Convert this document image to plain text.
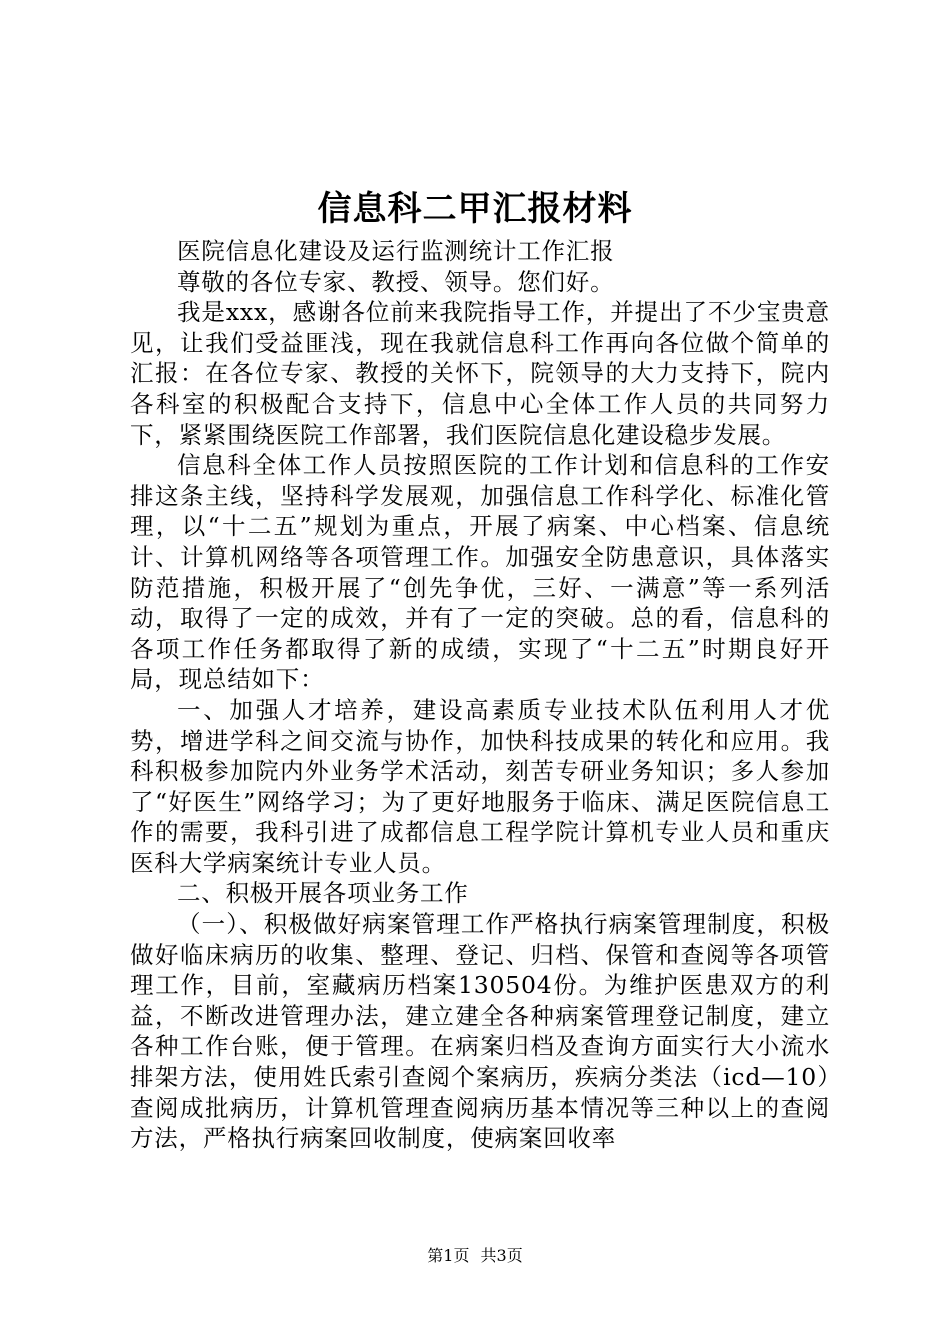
信息科二甲汇报材料

医院信息化建设及运行监测统计工作汇报

尊敬的各位专家、教授、领导。您们好。

我是xxx，感谢各位前来我院指导工作，并提出了不少宝贵意见，让我们受益匪浅，现在我就信息科工作再向各位做个简单的汇报：在各位专家、教授的关怀下，院领导的大力支持下，院内各科室的积极配合支持下，信息中心全体工作人员的共同努力下，紧紧围绕医院工作部署，我们医院信息化建设稳步发展。

信息科全体工作人员按照医院的工作计划和信息科的工作安排这条主线，坚持科学发展观，加强信息工作科学化、标准化管理，以“十二五”规划为重点，开展了病案、中心档案、信息统计、计算机网络等各项管理工作。加强安全防患意识，具体落实防范措施，积极开展了“创先争优，三好、一满意”等一系列活动，取得了一定的成效，并有了一定的突破。总的看，信息科的各项工作任务都取得了新的成绩，实现了“十二五”时期良好开局，现总结如下：

一、加强人才培养，建设高素质专业技术队伍利用人才优势，增进学科之间交流与协作，加快科技成果的转化和应用。我科积极参加院内外业务学术活动，刻苦专研业务知识；多人参加了“好医生”网络学习；为了更好地服务于临床、满足医院信息工作的需要，我科引进了成都信息工程学院计算机专业人员和重庆医科大学病案统计专业人员。

二、积极开展各项业务工作

（一）、积极做好病案管理工作严格执行病案管理制度，积极做好临床病历的收集、整理、登记、归档、保管和查阅等各项管理工作，目前，室藏病历档案130504份。为维护医患双方的利益，不断改进管理办法，建立建全各种病案管理登记制度，建立各种工作台账，便于管理。在病案归档及查询方面实行大小流水排架方法，使用姓氏索引查阅个案病历，疾病分类法（icd—10）查阅成批病历，计算机管理查阅病历基本情况等三种以上的查阅方法，严格执行病案回收制度，使病案回收率

第1页 共3页
